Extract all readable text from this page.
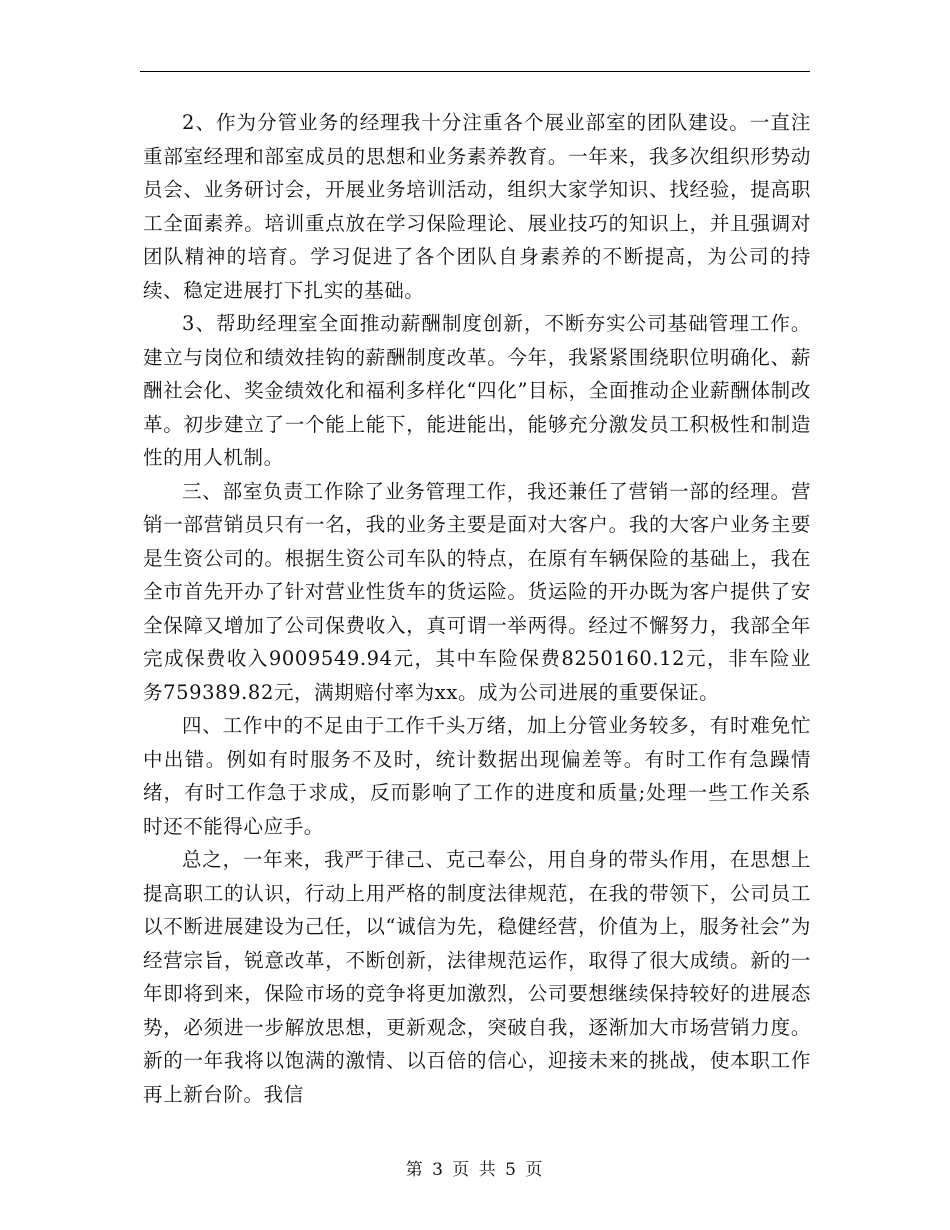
2、作为分管业务的经理我十分注重各个展业部室的团队建设。一直注重部室经理和部室成员的思想和业务素养教育。一年来，我多次组织形势动员会、业务研讨会，开展业务培训活动，组织大家学知识、找经验，提高职工全面素养。培训重点放在学习保险理论、展业技巧的知识上，并且强调对团队精神的培育。学习促进了各个团队自身素养的不断提高，为公司的持续、稳定进展打下扎实的基础。

3、帮助经理室全面推动薪酬制度创新，不断夯实公司基础管理工作。建立与岗位和绩效挂钩的薪酬制度改革。今年，我紧紧围绕职位明确化、薪酬社会化、奖金绩效化和福利多样化“四化”目标，全面推动企业薪酬体制改革。初步建立了一个能上能下，能进能出，能够充分激发员工积极性和制造性的用人机制。

三、部室负责工作除了业务管理工作，我还兼任了营销一部的经理。营销一部营销员只有一名，我的业务主要是面对大客户。我的大客户业务主要是生资公司的。根据生资公司车队的特点，在原有车辆保险的基础上，我在全市首先开办了针对营业性货车的货运险。货运险的开办既为客户提供了安全保障又增加了公司保费收入，真可谓一举两得。经过不懈努力，我部全年完成保费收入9009549.94元，其中车险保费8250160.12元，非车险业务759389.82元，满期赔付率为xx。成为公司进展的重要保证。

四、工作中的不足由于工作千头万绪，加上分管业务较多，有时难免忙中出错。例如有时服务不及时，统计数据出现偏差等。有时工作有急躁情绪，有时工作急于求成，反而影响了工作的进度和质量;处理一些工作关系时还不能得心应手。

总之，一年来，我严于律己、克己奉公，用自身的带头作用，在思想上提高职工的认识，行动上用严格的制度法律规范，在我的带领下，公司员工以不断进展建设为己任，以“诚信为先，稳健经营，价值为上，服务社会”为经营宗旨，锐意改革，不断创新，法律规范运作，取得了很大成绩。新的一年即将到来，保险市场的竞争将更加激烈，公司要想继续保持较好的进展态势，必须进一步解放思想，更新观念，突破自我，逐渐加大市场营销力度。新的一年我将以饱满的激情、以百倍的信心，迎接未来的挑战，使本职工作再上新台阶。我信

第 3 页 共 5 页
